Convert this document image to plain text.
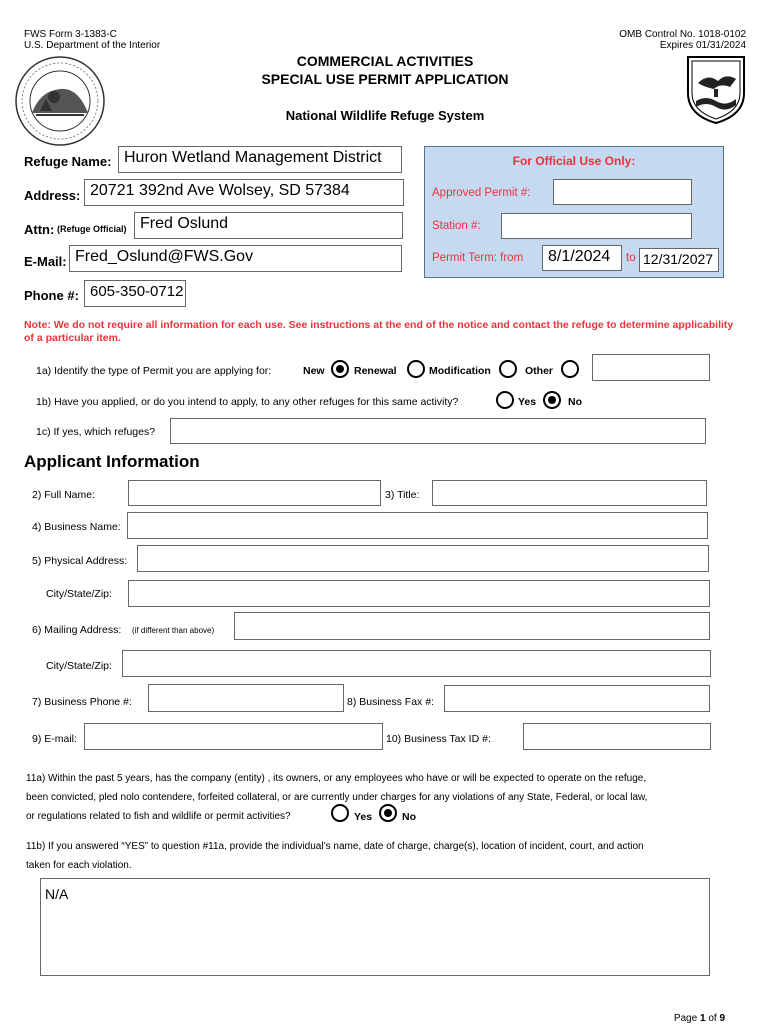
FWS Form 3-1383-C
U.S. Department of the Interior
OMB Control No. 1018-0102
Expires 01/31/2024
COMMERCIAL ACTIVITIES
SPECIAL USE PERMIT APPLICATION
National Wildlife Refuge System
Refuge Name: Huron Wetland Management District
Address: 20721 392nd Ave Wolsey, SD 57384
Attn: (Refuge Official) Fred Oslund
E-Mail: Fred_Oslund@FWS.Gov
Phone #: 605-350-0712
For Official Use Only:
Approved Permit #:
Station #:
Permit Term: from	8/1/2024	to 12/31/2027
Note: We do not require all information for each use. See instructions at the end of the notice and contact the refuge to determine applicability of a particular item.
1a) Identify the type of Permit you are applying for:	New	Renewal	Modification	Other
1b) Have you applied, or do you intend to apply, to any other refuges for this same activity?	Yes	No
1c) If yes, which refuges?
Applicant Information
2) Full Name:	3) Title:
4) Business Name:
5) Physical Address:
City/State/Zip:
6) Mailing Address: (if different than above)
City/State/Zip:
7) Business Phone #:	8) Business Fax #:
9) E-mail:	10) Business Tax ID #:
11a) Within the past 5 years, has the company (entity) , its owners, or any employees who have or will be expected to operate on the refuge,
been convicted, pled nolo contendere, forfeited collateral, or are currently under charges for any violations of any State, Federal, or local law,
or regulations related to fish and wildlife or permit activities?	Yes	No
11b) If you answered “YES” to question #11a, provide the individual’s name, date of charge, charge(s), location of incident, court, and action
taken for each violation.
N/A
Page 1 of 9
